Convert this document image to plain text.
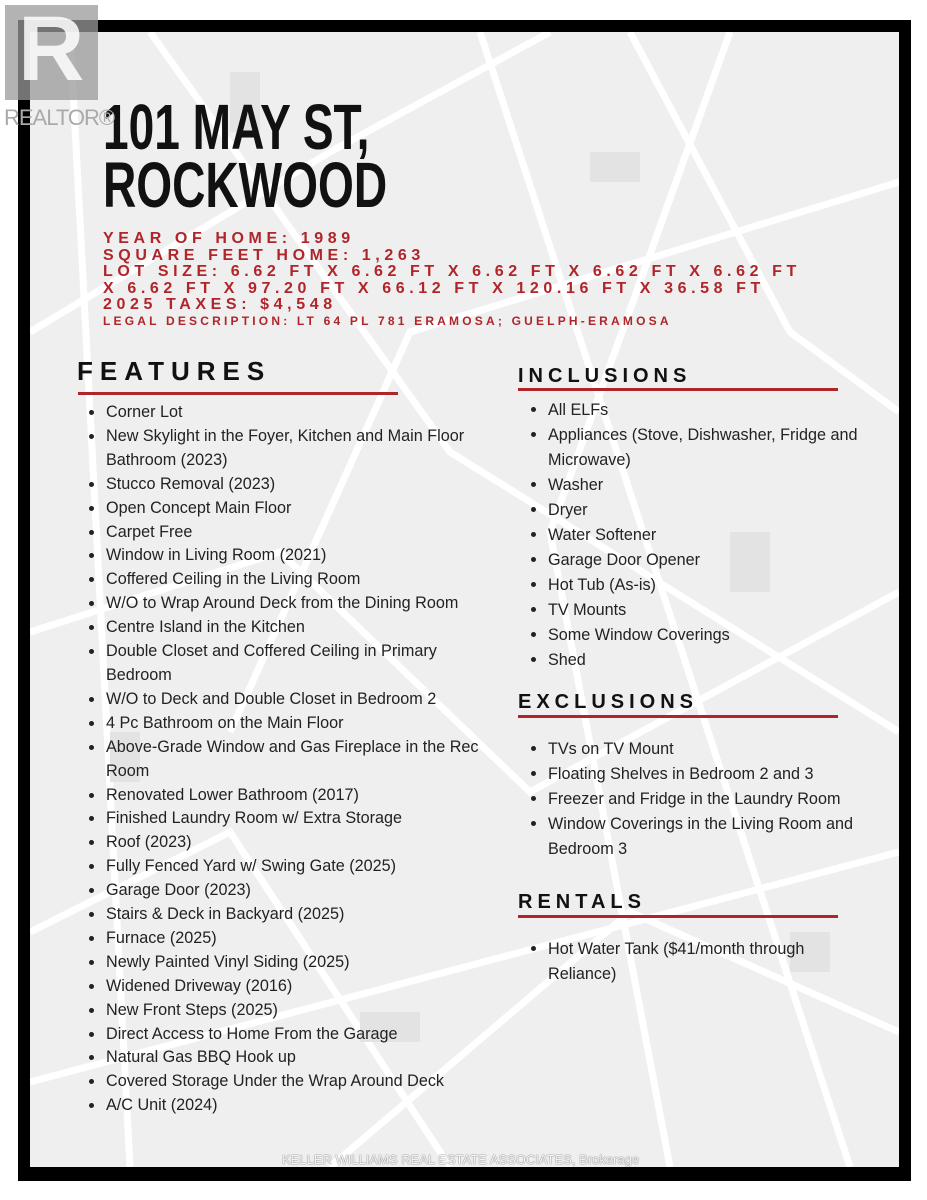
KELLER WILLIAMS REAL ESTATE ASSOCIATES, Brokerage
R
REALTOR®
101 MAY ST,
ROCKWOOD
YEAR OF HOME: 1989
SQUARE FEET HOME: 1,263
LOT SIZE: 6.62 FT X 6.62 FT X 6.62 FT X 6.62 FT X 6.62 FT
X 6.62 FT X 97.20 FT X 66.12 FT X 120.16 FT X 36.58 FT
2025 TAXES: $4,548
LEGAL DESCRIPTION: LT 64 PL 781 ERAMOSA; GUELPH-ERAMOSA
FEATURES
Corner Lot
New Skylight in the Foyer, Kitchen and Main Floor Bathroom (2023)
Stucco Removal (2023)
Open Concept Main Floor
Carpet Free
Window in Living Room (2021)
Coffered Ceiling in the Living Room
W/O to Wrap Around Deck from the Dining Room
Centre Island in the Kitchen
Double Closet and Coffered Ceiling in Primary Bedroom
W/O to Deck and Double Closet in Bedroom 2
4 Pc Bathroom on the Main Floor
Above-Grade Window and Gas Fireplace in the Rec Room
Renovated Lower Bathroom (2017)
Finished Laundry Room w/ Extra Storage
Roof (2023)
Fully Fenced Yard w/ Swing Gate (2025)
Garage Door (2023)
Stairs & Deck in Backyard (2025)
Furnace (2025)
Newly Painted Vinyl Siding (2025)
Widened Driveway (2016)
New Front Steps (2025)
Direct Access to Home From the Garage
Natural Gas BBQ Hook up
Covered Storage Under the Wrap Around Deck
A/C Unit (2024)
INCLUSIONS
All ELFs
Appliances (Stove, Dishwasher, Fridge and Microwave)
Washer
Dryer
Water Softener
Garage Door Opener
Hot Tub (As-is)
TV Mounts
Some Window Coverings
Shed
EXCLUSIONS
TVs on TV Mount
Floating Shelves in Bedroom 2 and 3
Freezer and Fridge in the Laundry Room
Window Coverings in the Living Room and Bedroom 3
RENTALS
Hot Water Tank ($41/month through Reliance)
